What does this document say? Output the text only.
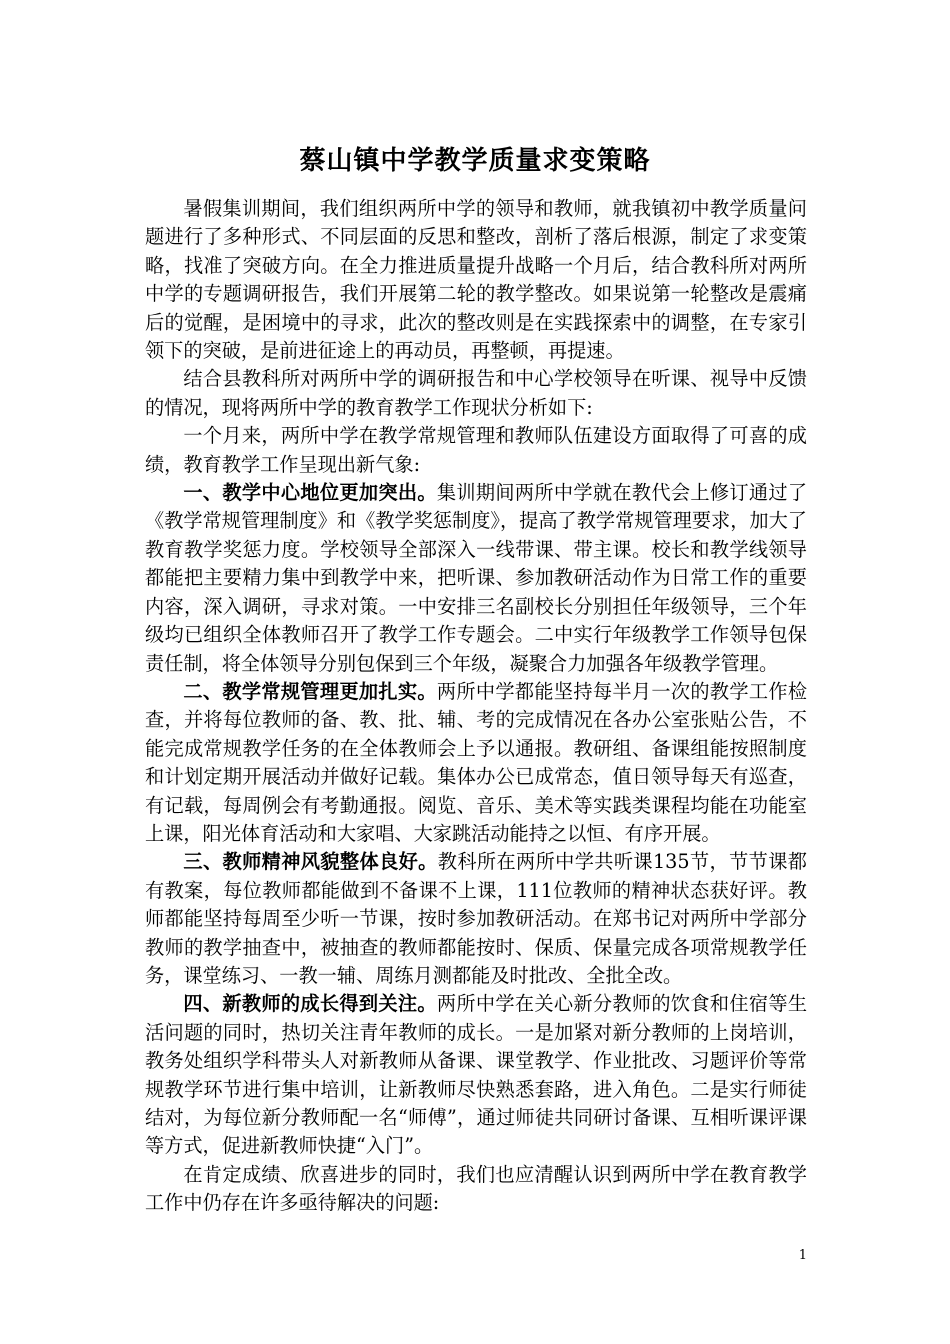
蔡山镇中学教学质量求变策略

暑假集训期间，我们组织两所中学的领导和教师，就我镇初中教学质量问题进行了多种形式、不同层面的反思和整改，剖析了落后根源，制定了求变策略，找准了突破方向。在全力推进质量提升战略一个月后，结合教科所对两所中学的专题调研报告，我们开展第二轮的教学整改。如果说第一轮整改是震痛后的觉醒，是困境中的寻求，此次的整改则是在实践探索中的调整，在专家引领下的突破，是前进征途上的再动员，再整顿，再提速。

结合县教科所对两所中学的调研报告和中心学校领导在听课、视导中反馈的情况，现将两所中学的教育教学工作现状分析如下:

一个月来，两所中学在教学常规管理和教师队伍建设方面取得了可喜的成绩，教育教学工作呈现出新气象:

一、教学中心地位更加突出。集训期间两所中学就在教代会上修订通过了《教学常规管理制度》和《教学奖惩制度》，提高了教学常规管理要求，加大了教育教学奖惩力度。学校领导全部深入一线带课、带主课。校长和教学线领导都能把主要精力集中到教学中来，把听课、参加教研活动作为日常工作的重要内容，深入调研，寻求对策。一中安排三名副校长分别担任年级领导，三个年级均已组织全体教师召开了教学工作专题会。二中实行年级教学工作领导包保责任制，将全体领导分别包保到三个年级，凝聚合力加强各年级教学管理。

二、教学常规管理更加扎实。两所中学都能坚持每半月一次的教学工作检查，并将每位教师的备、教、批、辅、考的完成情况在各办公室张贴公告，不能完成常规教学任务的在全体教师会上予以通报。教研组、备课组能按照制度和计划定期开展活动并做好记载。集体办公已成常态，值日领导每天有巡查，有记载，每周例会有考勤通报。阅览、音乐、美术等实践类课程均能在功能室上课，阳光体育活动和大家唱、大家跳活动能持之以恒、有序开展。

三、教师精神风貌整体良好。教科所在两所中学共听课135节，节节课都有教案，每位教师都能做到不备课不上课，111位教师的精神状态获好评。教师都能坚持每周至少听一节课，按时参加教研活动。在郑书记对两所中学部分教师的教学抽查中，被抽查的教师都能按时、保质、保量完成各项常规教学任务，课堂练习、一教一辅、周练月测都能及时批改、全批全改。

四、新教师的成长得到关注。两所中学在关心新分教师的饮食和住宿等生活问题的同时，热切关注青年教师的成长。一是加紧对新分教师的上岗培训，教务处组织学科带头人对新教师从备课、课堂教学、作业批改、习题评价等常规教学环节进行集中培训，让新教师尽快熟悉套路，进入角色。二是实行师徒结对，为每位新分教师配一名“师傅”，通过师徒共同研讨备课、互相听课评课等方式，促进新教师快捷“入门”。

在肯定成绩、欣喜进步的同时，我们也应清醒认识到两所中学在教育教学工作中仍存在许多亟待解决的问题:

1
